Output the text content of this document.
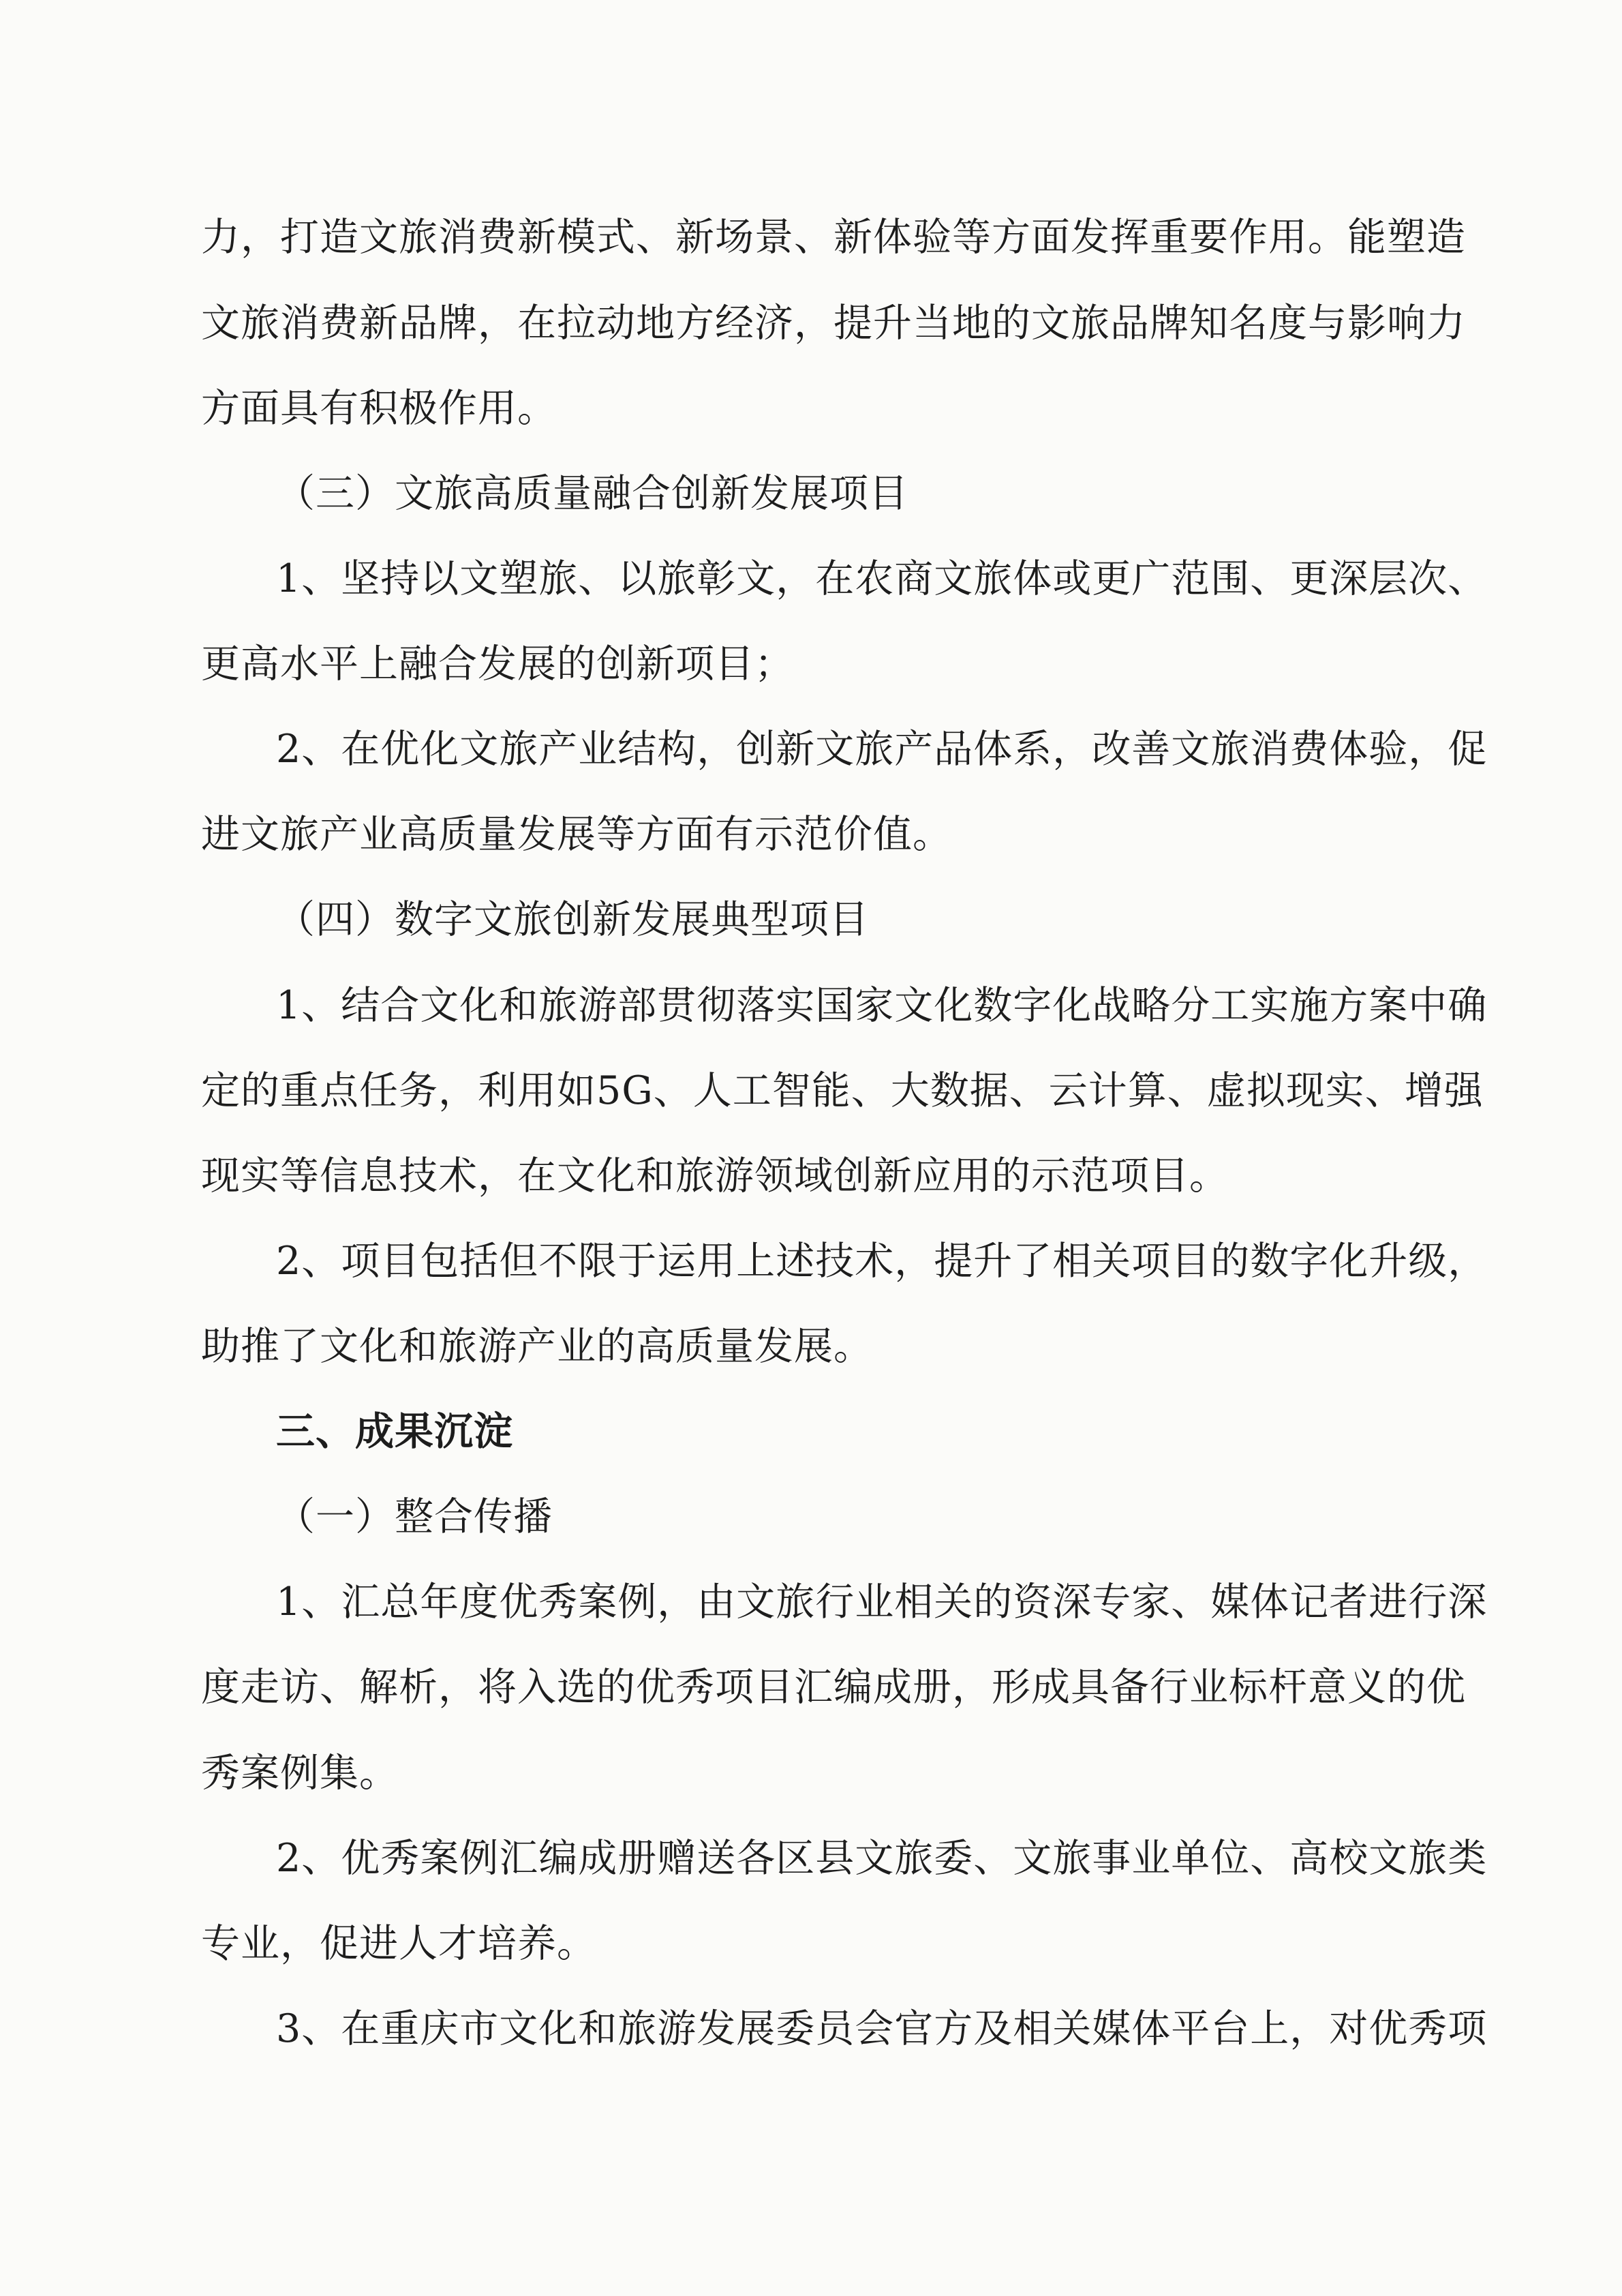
力，打造文旅消费新模式、新场景、新体验等方面发挥重要作用。能塑造
文旅消费新品牌，在拉动地方经济，提升当地的文旅品牌知名度与影响力
方面具有积极作用。
（三）文旅高质量融合创新发展项目
1、坚持以文塑旅、以旅彰文，在农商文旅体或更广范围、更深层次、
更高水平上融合发展的创新项目；
2、在优化文旅产业结构，创新文旅产品体系，改善文旅消费体验，促
进文旅产业高质量发展等方面有示范价值。
（四）数字文旅创新发展典型项目
1、结合文化和旅游部贯彻落实国家文化数字化战略分工实施方案中确
定的重点任务，利用如5G、人工智能、大数据、云计算、虚拟现实、增强
现实等信息技术，在文化和旅游领域创新应用的示范项目。
2、项目包括但不限于运用上述技术，提升了相关项目的数字化升级，
助推了文化和旅游产业的高质量发展。
三、成果沉淀
（一）整合传播
1、汇总年度优秀案例，由文旅行业相关的资深专家、媒体记者进行深
度走访、解析，将入选的优秀项目汇编成册，形成具备行业标杆意义的优
秀案例集。
2、优秀案例汇编成册赠送各区县文旅委、文旅事业单位、高校文旅类
专业，促进人才培养。
3、在重庆市文化和旅游发展委员会官方及相关媒体平台上，对优秀项
